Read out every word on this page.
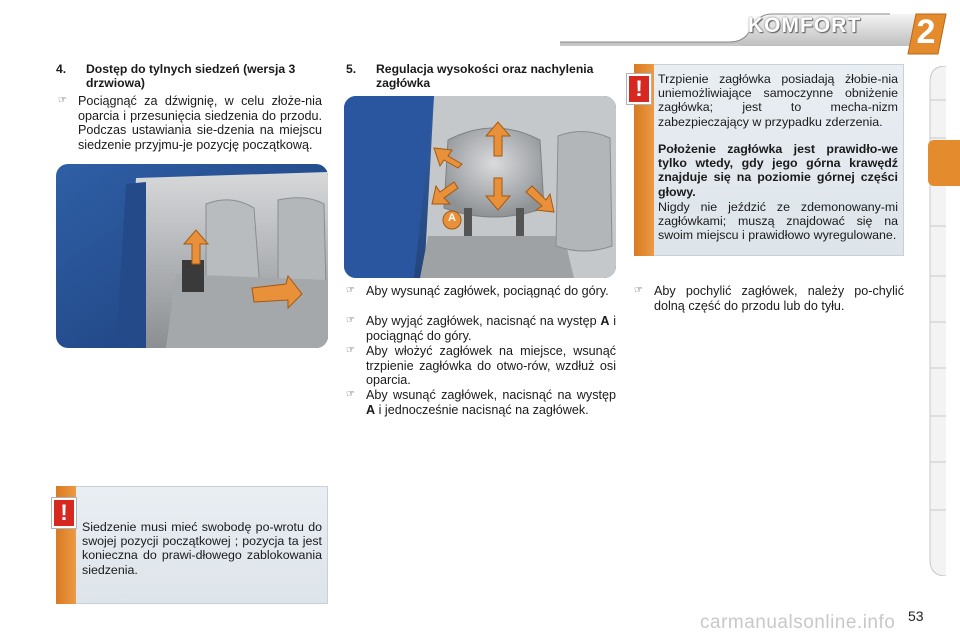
KOMFORT 2
4. Dostęp do tylnych siedzeń (wersja 3 drzwiowa)
☞ Pociągnąć za dźwignię, w celu złoże-nia oparcia i przesunięcia siedzenia do przodu. Podczas ustawiania sie-dzenia na miejscu siedzenie przyjmu-je pozycję początkową.
5. Regulacja wysokości oraz nachylenia zagłówka
A
☞ Aby wysunąć zagłówek, pociągnąć do góry.
☞ Aby wyjąć zagłówek, nacisnąć na występ A i pociągnąć do góry.
☞ Aby włożyć zagłówek na miejsce, wsunąć trzpienie zagłówka do otwo-rów, wzdłuż osi oparcia.
☞ Aby wsunąć zagłówek, nacisnąć na występ A i jednocześnie nacisnąć na zagłówek.
☞ Aby pochylić zagłówek, należy po-chylić dolną część do przodu lub do tyłu.
!	Trzpienie zagłówka posiadają żłobie-nia uniemożliwiające samoczynne obniżenie zagłówka; jest to mecha-nizm zabezpieczający w przypadku zderzenia.
Położenie zagłówka jest prawidło-we tylko wtedy, gdy jego górna krawędź znajduje się na poziomie górnej części głowy.
Nigdy nie jeździć ze zdemonowany-mi zagłówkami; muszą znajdować się na swoim miejscu i prawidłowo wyregulowane.
!
Siedzenie musi mieć swobodę po-wrotu do swojej pozycji początkowej ; pozycja ta jest konieczna do prawi-dłowego zablokowania siedzenia.
carmanualsonline.info 53
